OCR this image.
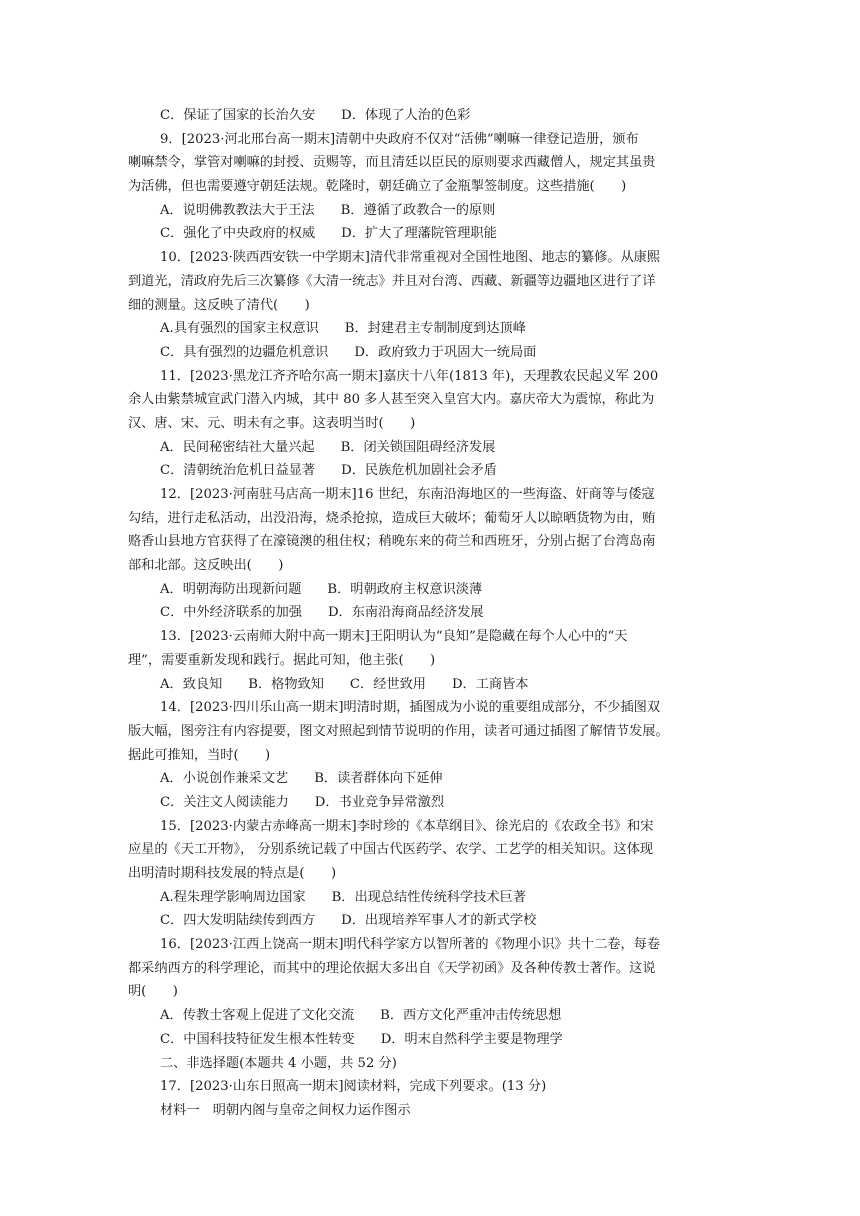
C．保证了国家的长治久安 D．体现了人治的色彩
9．[2023·河北邢台高一期末]清朝中央政府不仅对“活佛”喇嘛一律登记造册，颁布
喇嘛禁令，掌管对喇嘛的封授、贡赐等，而且清廷以臣民的原则要求西藏僧人，规定其虽贵
为活佛，但也需要遵守朝廷法规。乾隆时，朝廷确立了金瓶掣签制度。这些措施(　　)
A．说明佛教教法大于王法 B．遵循了政教合一的原则
C．强化了中央政府的权威 D．扩大了理藩院管理职能
10．[2023·陕西西安铁一中学期末]清代非常重视对全国性地图、地志的纂修。从康熙
到道光，清政府先后三次纂修《大清一统志》并且对台湾、西藏、新疆等边疆地区进行了详
细的测量。这反映了清代(　　)
A.具有强烈的国家主权意识 B．封建君主专制制度到达顶峰
C．具有强烈的边疆危机意识 D．政府致力于巩固大一统局面
11．[2023·黑龙江齐齐哈尔高一期末]嘉庆十八年(1813 年)，天理教农民起义军 200
余人由紫禁城宣武门潜入内城，其中 80 多人甚至突入皇宫大内。嘉庆帝大为震惊，称此为
汉、唐、宋、元、明未有之事。这表明当时(　　)
A．民间秘密结社大量兴起 B．闭关锁国阻碍经济发展
C．清朝统治危机日益显著 D．民族危机加剧社会矛盾
12．[2023·河南驻马店高一期末]16 世纪，东南沿海地区的一些海盗、奸商等与倭寇
勾结，进行走私活动，出没沿海，烧杀抢掠，造成巨大破坏；葡萄牙人以晾晒货物为由，贿
赂香山县地方官获得了在濠镜澳的租住权；稍晚东来的荷兰和西班牙，分别占据了台湾岛南
部和北部。这反映出(　　)
A．明朝海防出现新问题 B．明朝政府主权意识淡薄
C．中外经济联系的加强 D．东南沿海商品经济发展
13．[2023·云南师大附中高一期末]王阳明认为“良知”是隐藏在每个人心中的“天
理”，需要重新发现和践行。据此可知，他主张(　　)
A．致良知 B．格物致知 C．经世致用 D．工商皆本
14．[2023·四川乐山高一期末]明清时期，插图成为小说的重要组成部分，不少插图双
版大幅，图旁注有内容提要，图文对照起到情节说明的作用，读者可通过插图了解情节发展。
据此可推知，当时(　　)
A．小说创作兼采文艺 B．读者群体向下延伸
C．关注文人阅读能力 D．书业竞争异常激烈
15．[2023·内蒙古赤峰高一期末]李时珍的《本草纲目》、徐光启的《农政全书》和宋
应星的《天工开物》， 分别系统记载了中国古代医药学、农学、工艺学的相关知识。这体现
出明清时期科技发展的特点是(　　)
A.程朱理学影响周边国家 B．出现总结性传统科学技术巨著
C．四大发明陆续传到西方 D．出现培养军事人才的新式学校
16．[2023·江西上饶高一期末]明代科学家方以智所著的《物理小识》共十二卷，每卷
都采纳西方的科学理论，而其中的理论依据大多出自《天学初函》及各种传教士著作。这说
明(　　)
A．传教士客观上促进了文化交流 B．西方文化严重冲击传统思想
C．中国科技特征发生根本性转变 D．明末自然科学主要是物理学
二、非选择题(本题共 4 小题，共 52 分)
17．[2023·山东日照高一期末]阅读材料，完成下列要求。(13 分)
材料一　明朝内阁与皇帝之间权力运作图示
